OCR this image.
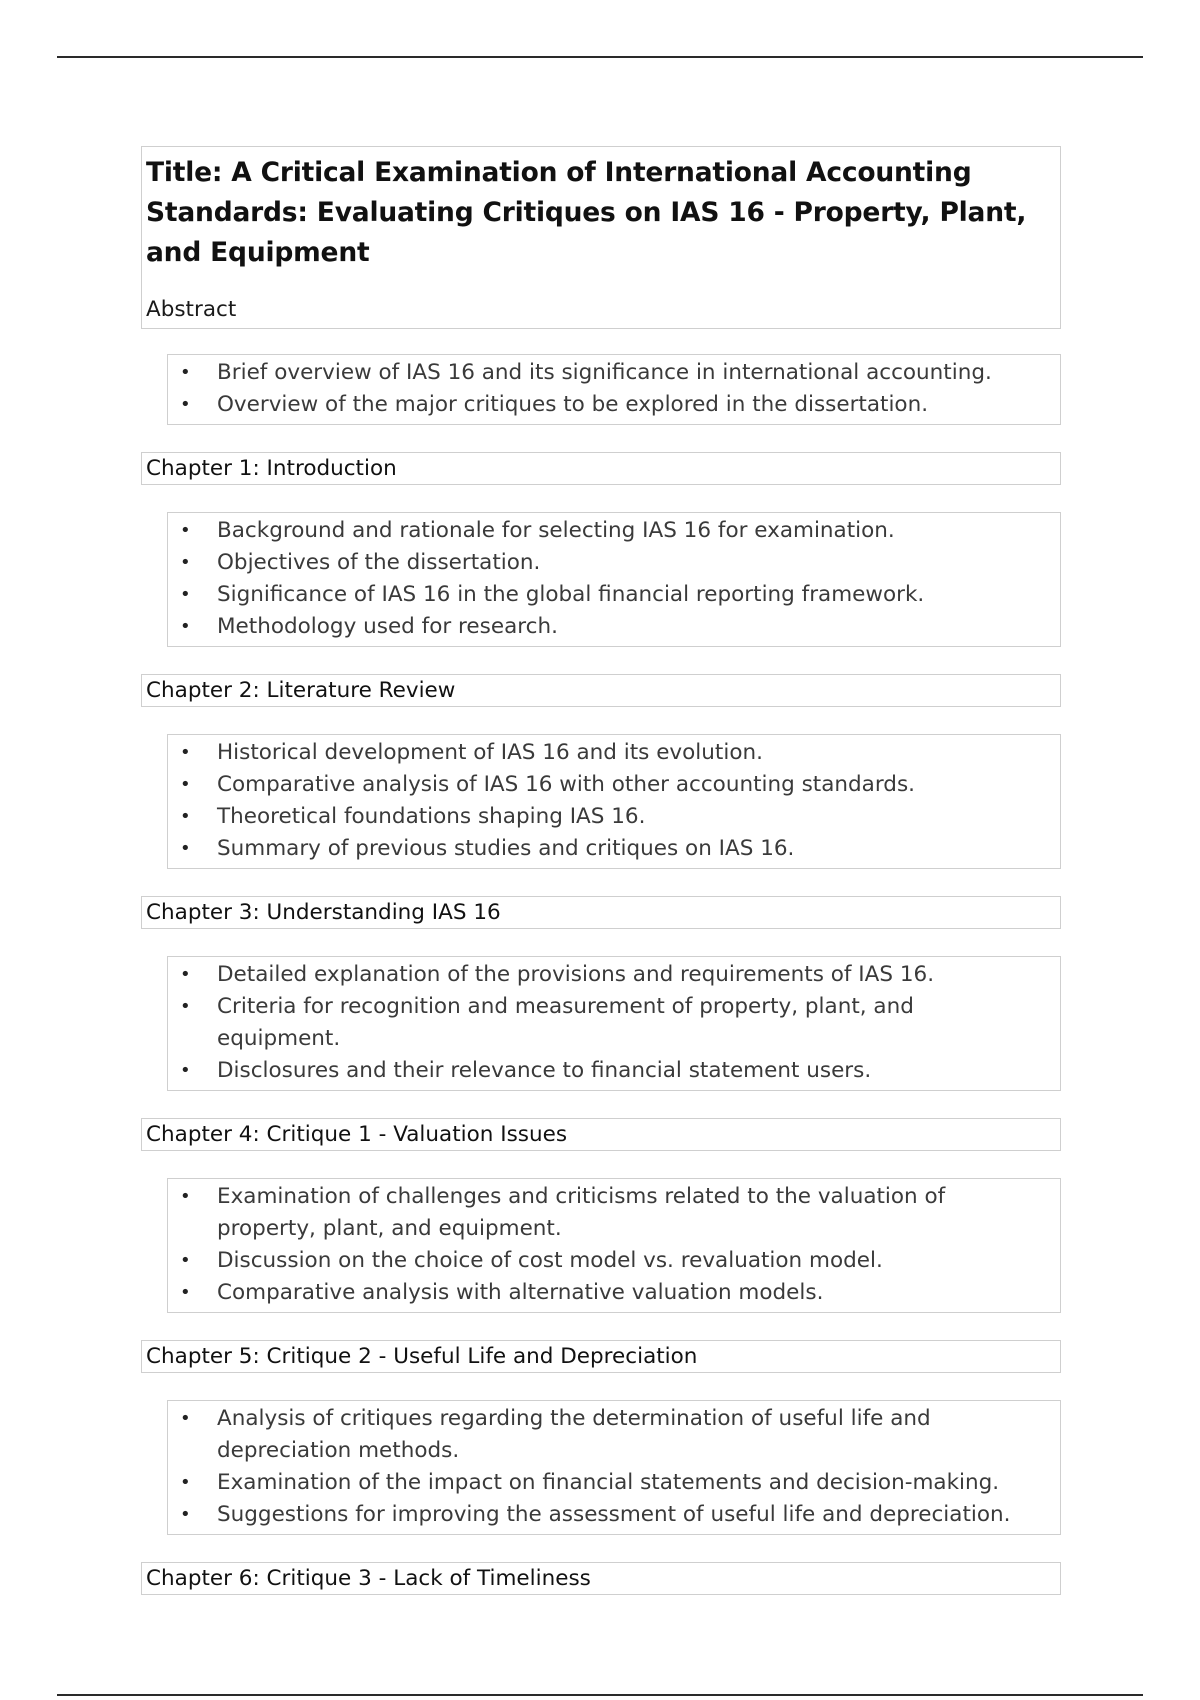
Title: A Critical Examination of International Accounting Standards: Evaluating Critiques on IAS 16 - Property, Plant, and Equipment
Abstract
• Brief overview of IAS 16 and its significance in international accounting.
• Overview of the major critiques to be explored in the dissertation.
Chapter 1: Introduction
• Background and rationale for selecting IAS 16 for examination.
• Objectives of the dissertation.
• Significance of IAS 16 in the global financial reporting framework.
• Methodology used for research.
Chapter 2: Literature Review
• Historical development of IAS 16 and its evolution.
• Comparative analysis of IAS 16 with other accounting standards.
• Theoretical foundations shaping IAS 16.
• Summary of previous studies and critiques on IAS 16.
Chapter 3: Understanding IAS 16
• Detailed explanation of the provisions and requirements of IAS 16.
• Criteria for recognition and measurement of property, plant, and equipment.
• Disclosures and their relevance to financial statement users.
Chapter 4: Critique 1 - Valuation Issues
• Examination of challenges and criticisms related to the valuation of property, plant, and equipment.
• Discussion on the choice of cost model vs. revaluation model.
• Comparative analysis with alternative valuation models.
Chapter 5: Critique 2 - Useful Life and Depreciation
• Analysis of critiques regarding the determination of useful life and depreciation methods.
• Examination of the impact on financial statements and decision-making.
• Suggestions for improving the assessment of useful life and depreciation.
Chapter 6: Critique 3 - Lack of Timeliness
